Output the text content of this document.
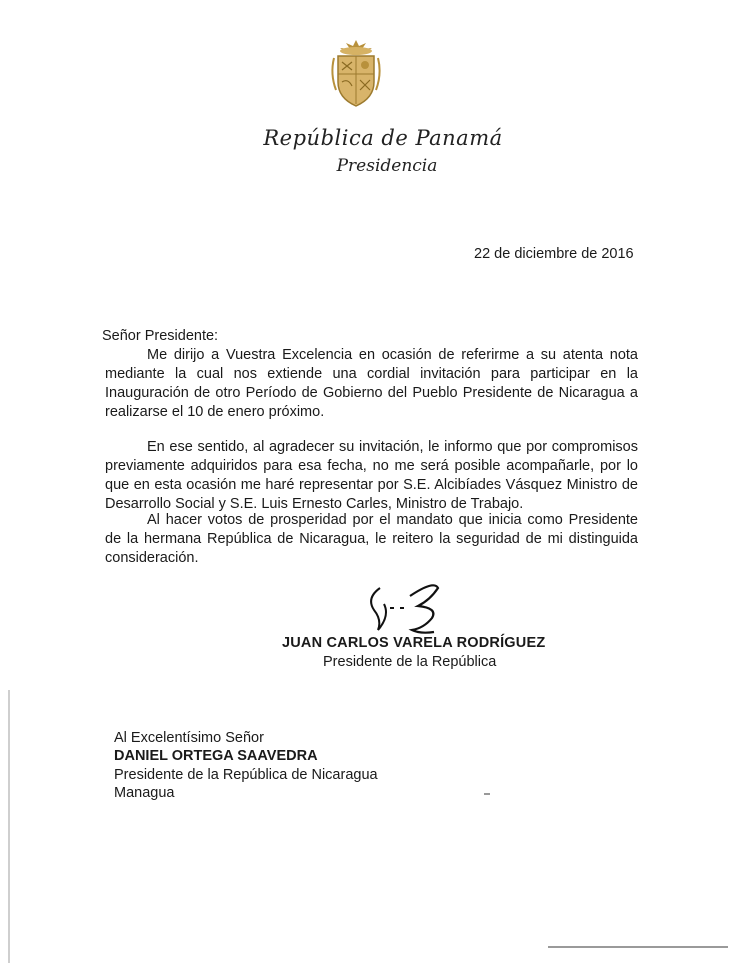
República de Panamá
Presidencia
22 de diciembre de 2016
Señor Presidente:

Me dirijo a Vuestra Excelencia en ocasión de referirme a su atenta nota mediante la cual nos extiende una cordial invitación para participar en la Inauguración de otro Período de Gobierno del Pueblo Presidente de Nicaragua a realizarse el 10 de enero próximo.

En ese sentido, al agradecer su invitación, le informo que por compromisos previamente adquiridos para esa fecha, no me será posible acompañarle, por lo que en esta ocasión me haré representar por S.E. Alcibíades Vásquez Ministro de Desarrollo Social y S.E. Luis Ernesto Carles, Ministro de Trabajo.

Al hacer votos de prosperidad por el mandato que inicia como Presidente de la hermana República de Nicaragua, le reitero la seguridad de mi distinguida consideración.

JUAN CARLOS VARELA RODRÍGUEZ
Presidente de la República
Al Excelentísimo Señor
DANIEL ORTEGA SAAVEDRA
Presidente de la República de Nicaragua
Managua
